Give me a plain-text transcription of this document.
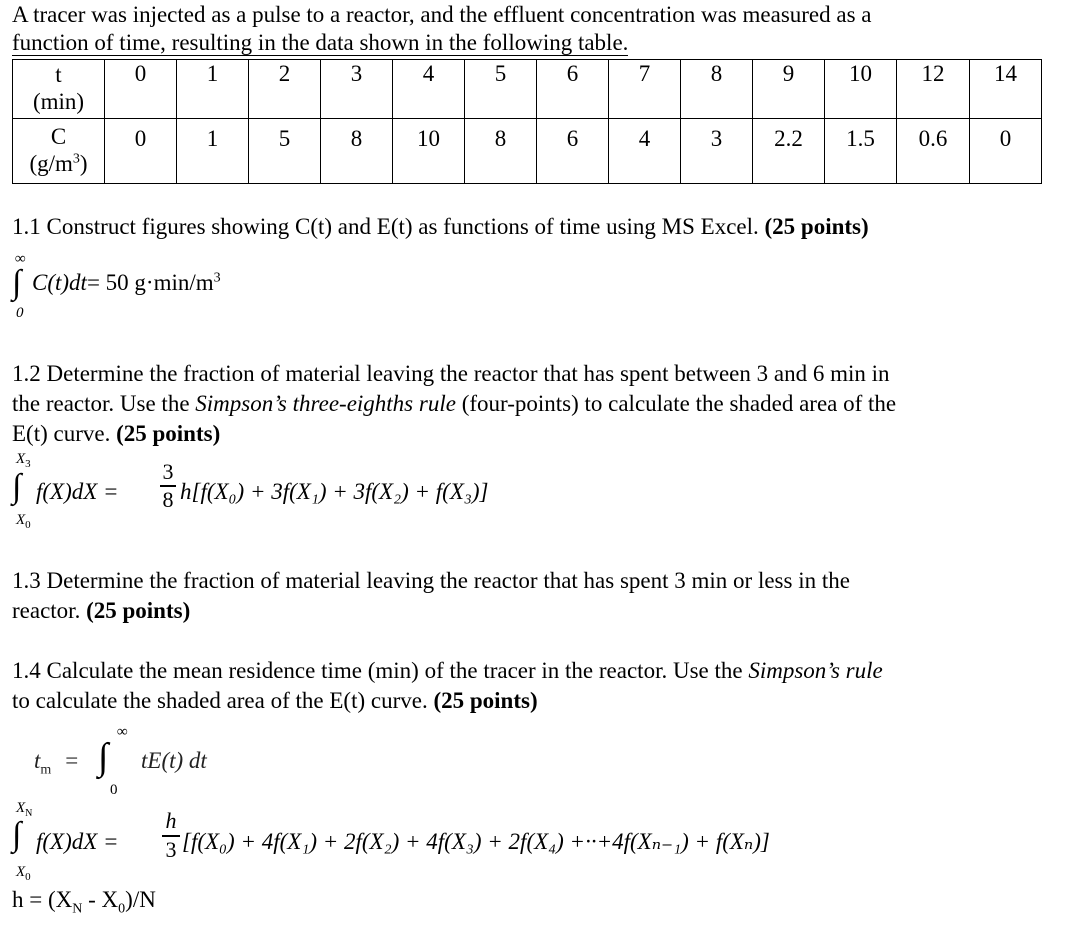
A tracer was injected as a pulse to a reactor, and the effluent concentration was measured as a
function of time, resulting in the data shown in the following table.
t
(min)	0	1	2	3	4	5	6	7	8	9	10	12	14

C
$(g/m^3)$	0	1	5	8	10	8	6	4	3	2.2	1.5	0.6	0
1.1 Construct figures showing C(t) and E(t) as functions of time using MS Excel. (25 points)
∞
∫
0
C(t)dt= 50 $g\cdot\min/m^3$
1.2 Determine the fraction of material leaving the reactor that has spent between 3 and 6 min in
the reactor. Use the Simpson’s three-eighths rule (four-points) to calculate the shaded area of the
E(t) curve. (25 points)
$X_3$
∫
$X_0$
f(X)dX =
3
8 h[f(X₀) + 3f(X₁) + 3f(X₂) + f(X₃)]
1.3 Determine the fraction of material leaving the reactor that has spent 3 min or less in the
reactor. (25 points)
1.4 Calculate the mean residence time (min) of the tracer in the reactor. Use the Simpson’s rule
to calculate the shaded area of the E(t) curve. (25 points)
$t_m$ =
∞
∫
0
tE(t) dt
$X_N$
∫
$X_0$
f(X)dX =
h
3 [f(X₀) + 4f(X₁) + 2f(X₂) + 4f(X₃) + 2f(X₄) +··+4f(Xₙ₋₁) + f(Xₙ)]
$h = (X_N - X_0)/N$
